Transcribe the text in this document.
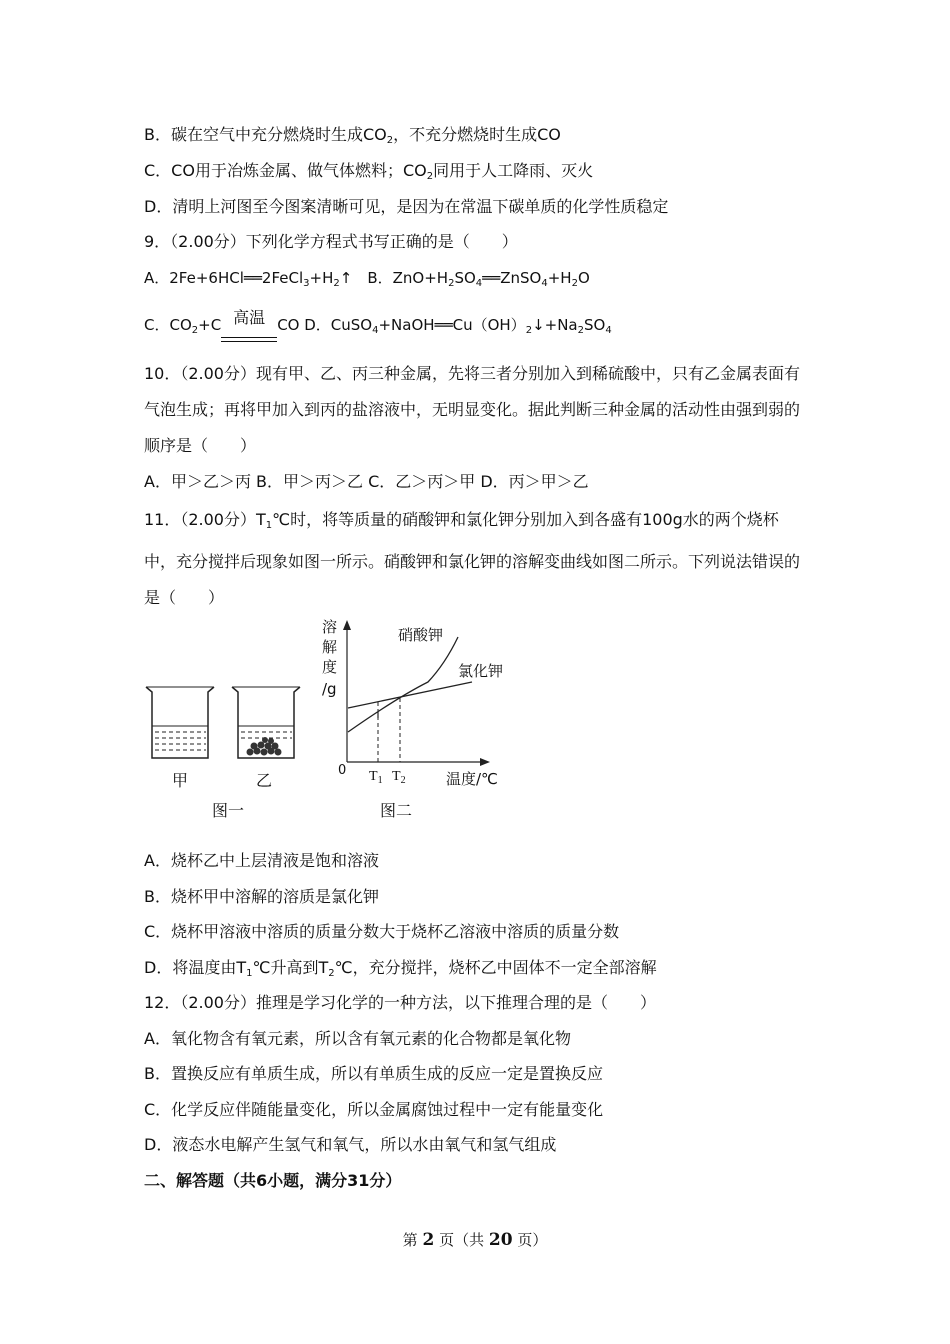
B．碳在空气中充分燃烧时生成$CO_2$，不充分燃烧时生成CO
C．CO用于冶炼金属、做气体燃料；$CO_2$同用于人工降雨、灭火
D．清明上河图至今图案清晰可见，是因为在常温下碳单质的化学性质稳定
9．（2.00分）下列化学方程式书写正确的是（　　）
A．$2Fe+6HCl══2FeCl_3+H_2↑$　B．$ZnO+H_2SO_4══ZnSO_4+H_2O$
C．$CO_2+C$ 高温 CO D．$CuSO_4+NaOH══Cu(OH)_2↓+Na_2SO_4$
10．（2.00分）现有甲、乙、丙三种金属，先将三者分别加入到稀硫酸中，只有乙金属表面有气泡生成；再将甲加入到丙的盐溶液中，无明显变化。据此判断三种金属的活动性由强到弱的顺序是（　　）
A．甲＞乙＞丙 B．甲＞丙＞乙 C．乙＞丙＞甲 D．丙＞甲＞乙
11．（2.00分）$T_1℃$时，将等质量的硝酸钾和氯化钾分别加入到各盛有100g水的两个烧杯中，充分搅拌后现象如图一所示。硝酸钾和氯化钾的溶解变曲线如图二所示。下列说法错误的是（　　）
甲	乙
图一
溶
解
度
/g
0 $T_1$ $T_2$	温度/℃
硝酸钾
氯化钾
图二
A．烧杯乙中上层清液是饱和溶液
B．烧杯甲中溶解的溶质是氯化钾
C．烧杯甲溶液中溶质的质量分数大于烧杯乙溶液中溶质的质量分数
D．将温度由$T_1℃$升高到$T_2℃$，充分搅拌，烧杯乙中固体不一定全部溶解
12．（2.00分）推理是学习化学的一种方法，以下推理合理的是（　　）
A．氧化物含有氧元素，所以含有氧元素的化合物都是氧化物
B．置换反应有单质生成，所以有单质生成的反应一定是置换反应
C．化学反应伴随能量变化，所以金属腐蚀过程中一定有能量变化
D．液态水电解产生氢气和氧气，所以水由氧气和氢气组成
二、解答题（共6小题，满分31分）
第 2 页（共 20 页）
